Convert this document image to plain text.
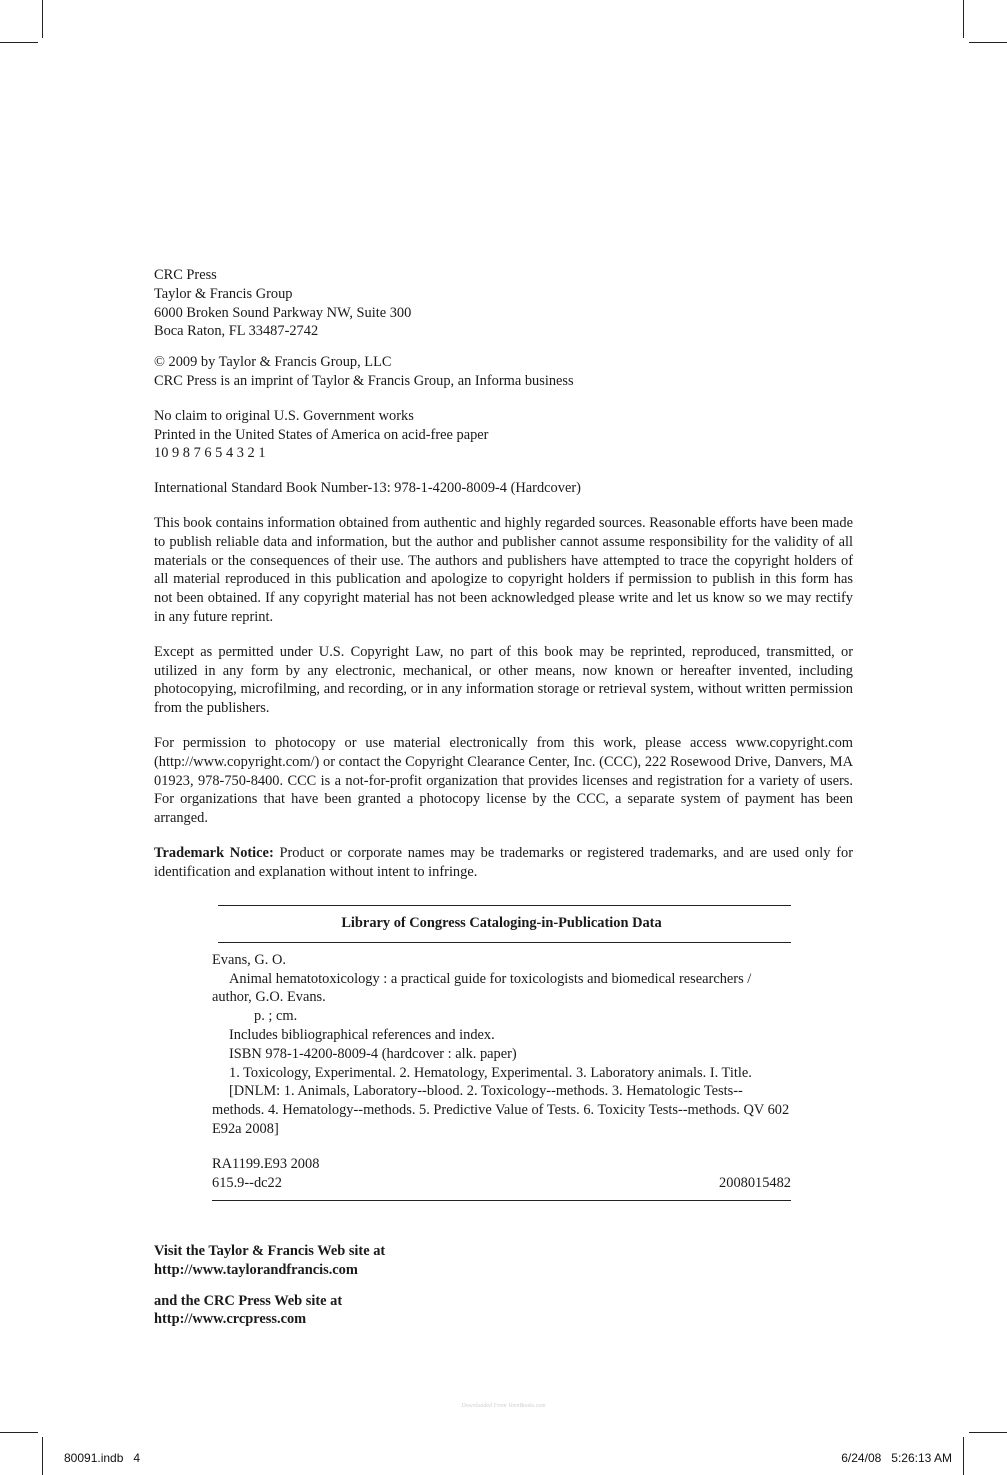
CRC Press

Taylor & Francis Group

6000 Broken Sound Parkway NW, Suite 300

Boca Raton, FL 33487-2742

© 2009 by Taylor & Francis Group, LLC

CRC Press is an imprint of Taylor & Francis Group, an Informa business

No claim to original U.S. Government works

Printed in the United States of America on acid-free paper

10 9 8 7 6 5 4 3 2 1

International Standard Book Number-13: 978-1-4200-8009-4 (Hardcover)

This book contains information obtained from authentic and highly regarded sources. Reasonable efforts have been made to publish reliable data and information, but the author and publisher cannot assume responsibility for the validity of all materials or the consequences of their use. The authors and publishers have attempted to trace the copyright holders of all material reproduced in this publication and apologize to copyright holders if permission to publish in this form has not been obtained. If any copyright material has not been acknowledged please write and let us know so we may rectify in any future reprint.

Except as permitted under U.S. Copyright Law, no part of this book may be reprinted, reproduced, transmitted, or utilized in any form by any electronic, mechanical, or other means, now known or hereafter invented, including photocopying, microfilming, and recording, or in any information storage or retrieval system, without written permission from the publishers.

For permission to photocopy or use material electronically from this work, please access www.copyright.com (http://www.copyright.com/) or contact the Copyright Clearance Center, Inc. (CCC), 222 Rosewood Drive, Danvers, MA 01923, 978-750-8400. CCC is a not-for-profit organization that provides licenses and registration for a variety of users. For organizations that have been granted a photocopy license by the CCC, a separate system of payment has been arranged.

Trademark Notice: Product or corporate names may be trademarks or registered trademarks, and are used only for identification and explanation without intent to infringe.

Library of Congress Cataloging-in-Publication Data

Evans, G. O.

Animal hematotoxicology : a practical guide for toxicologists and biomedical researchers / author, G.O. Evans.

p. ; cm.

Includes bibliographical references and index.

ISBN 978-1-4200-8009-4 (hardcover : alk. paper)

1. Toxicology, Experimental. 2. Hematology, Experimental. 3. Laboratory animals. I. Title.

[DNLM: 1. Animals, Laboratory--blood. 2. Toxicology--methods. 3. Hematologic Tests--methods. 4. Hematology--methods. 5. Predictive Value of Tests. 6. Toxicity Tests--methods. QV 602 E92a 2008]

RA1199.E93 2008

615.9--dc22	2008015482

Visit the Taylor & Francis Web site at

http://www.taylorandfrancis.com

and the CRC Press Web site at

http://www.crcpress.com

Downloaded From VeenBooks.com
80091.indb   4	6/24/08   5:26:13 AM
